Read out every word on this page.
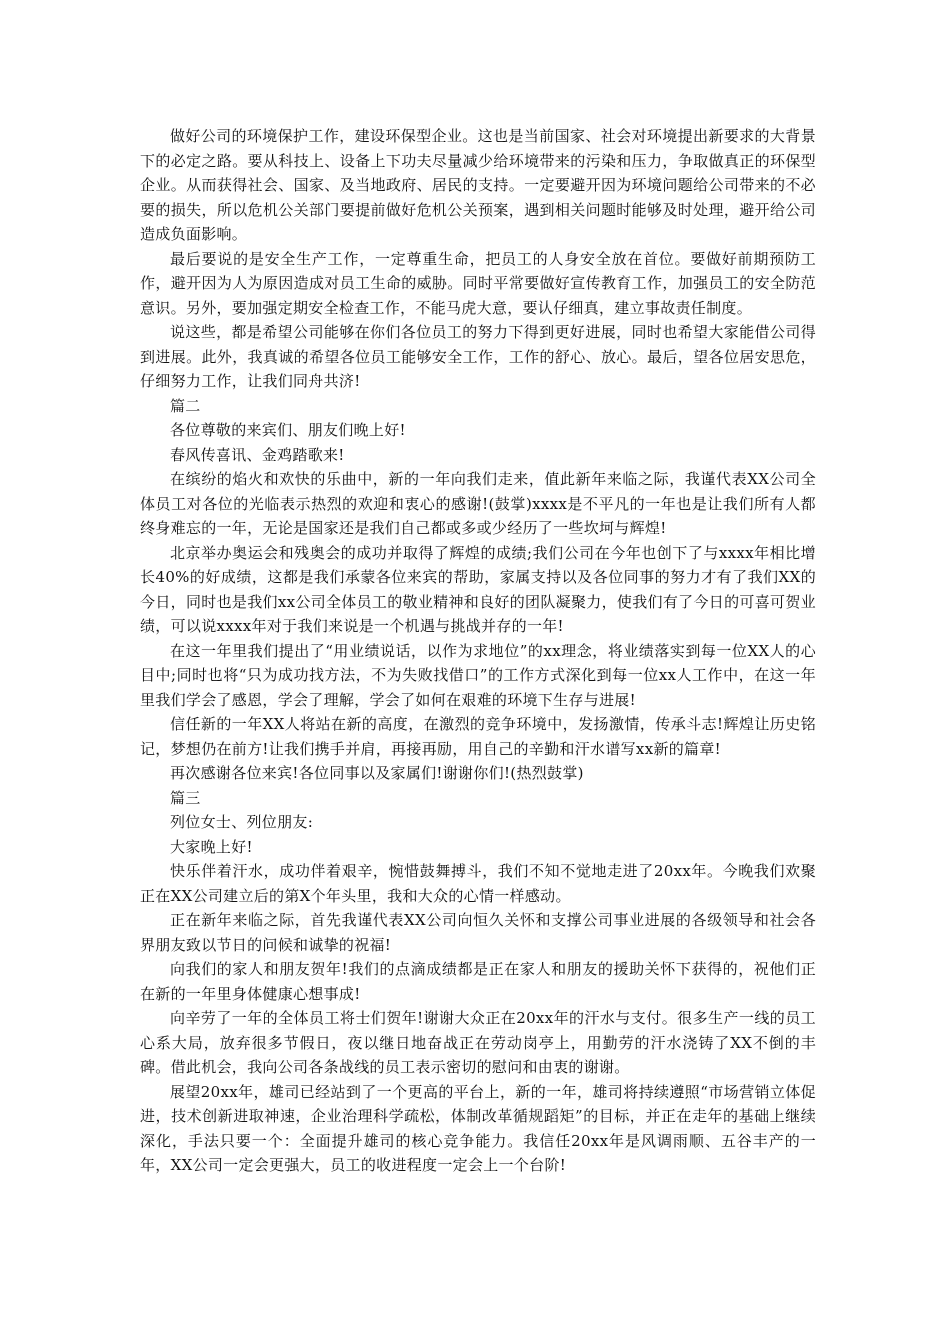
做好公司的环境保护工作，建设环保型企业。这也是当前国家、社会对环境提出新要求的大背景下的必定之路。要从科技上、设备上下功夫尽量减少给环境带来的污染和压力，争取做真正的环保型企业。从而获得社会、国家、及当地政府、居民的支持。一定要避开因为环境问题给公司带来的不必要的损失，所以危机公关部门要提前做好危机公关预案，遇到相关问题时能够及时处理，避开给公司造成负面影响。

最后要说的是安全生产工作，一定尊重生命，把员工的人身安全放在首位。要做好前期预防工作，避开因为人为原因造成对员工生命的威胁。同时平常要做好宣传教育工作，加强员工的安全防范意识。另外，要加强定期安全检查工作，不能马虎大意，要认仔细真，建立事故责任制度。

说这些，都是希望公司能够在你们各位员工的努力下得到更好进展，同时也希望大家能借公司得到进展。此外，我真诚的希望各位员工能够安全工作，工作的舒心、放心。最后，望各位居安思危，仔细努力工作，让我们同舟共济!

篇二

各位尊敬的来宾们、朋友们晚上好!

春风传喜讯、金鸡踏歌来!

在缤纷的焰火和欢快的乐曲中，新的一年向我们走来，值此新年来临之际，我谨代表XX公司全体员工对各位的光临表示热烈的欢迎和衷心的感谢!(鼓掌)xxxx是不平凡的一年也是让我们所有人都终身难忘的一年，无论是国家还是我们自己都或多或少经历了一些坎坷与辉煌!

北京举办奥运会和残奥会的成功并取得了辉煌的成绩;我们公司在今年也创下了与xxxx年相比增长40%的好成绩，这都是我们承蒙各位来宾的帮助，家属支持以及各位同事的努力才有了我们XX的今日，同时也是我们xx公司全体员工的敬业精神和良好的团队凝聚力，使我们有了今日的可喜可贺业绩，可以说xxxx年对于我们来说是一个机遇与挑战并存的一年!

在这一年里我们提出了“用业绩说话，以作为求地位”的xx理念，将业绩落实到每一位XX人的心目中;同时也将“只为成功找方法，不为失败找借口”的工作方式深化到每一位xx人工作中，在这一年里我们学会了感恩，学会了理解，学会了如何在艰难的环境下生存与进展!

信任新的一年XX人将站在新的高度，在激烈的竞争环境中，发扬激情，传承斗志!辉煌让历史铭记，梦想仍在前方!让我们携手并肩，再接再励，用自己的辛勤和汗水谱写xx新的篇章!

再次感谢各位来宾!各位同事以及家属们!谢谢你们!(热烈鼓掌)

篇三

列位女士、列位朋友:

大家晚上好!

快乐伴着汗水，成功伴着艰辛，惋惜鼓舞搏斗，我们不知不觉地走进了20xx年。今晚我们欢聚正在XX公司建立后的第X个年头里，我和大众的心情一样感动。

正在新年来临之际，首先我谨代表XX公司向恒久关怀和支撑公司事业进展的各级领导和社会各界朋友致以节日的问候和诚挚的祝福!

向我们的家人和朋友贺年!我们的点滴成绩都是正在家人和朋友的援助关怀下获得的，祝他们正在新的一年里身体健康心想事成!

向辛劳了一年的全体员工将士们贺年!谢谢大众正在20xx年的汗水与支付。很多生产一线的员工心系大局，放弃很多节假日，夜以继日地奋战正在劳动岗亭上，用勤劳的汗水浇铸了XX不倒的丰碑。借此机会，我向公司各条战线的员工表示密切的慰问和由衷的谢谢。

展望20xx年，雄司已经站到了一个更高的平台上，新的一年，雄司将持续遵照“市场营销立体促进，技术创新进取神速，企业治理科学疏松，体制改革循规蹈矩”的目标，并正在走年的基础上继续深化，手法只要一个：全面提升雄司的核心竞争能力。我信任20xx年是风调雨顺、五谷丰产的一年，XX公司一定会更强大，员工的收进程度一定会上一个台阶!
